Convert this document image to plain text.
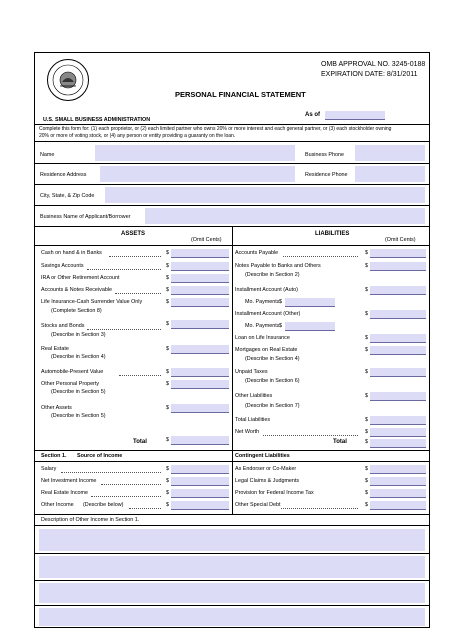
OMB APPROVAL NO. 3245-0188
EXPIRATION DATE: 8/31/2011
PERSONAL FINANCIAL STATEMENT
As of
U.S. SMALL BUSINESS ADMINISTRATION
Complete this form for: (1) each proprietor, or (2) each limited partner who owns 20% or more interest and each general partner, or (3) each stockholder owning
20% or more of voting stock, or (4) any person or entity providing a guaranty on the loan.
Name	Business Phone
Residence Address	Residence Phone
City, State, & Zip Code
Business Name of Applicant/Borrower
ASSETS
(Omit Cents)
LIABILITIES
(Omit Cents)
Cash on hand & in Banks	$
Savings Accounts	$
IRA or Other Retirement Account	$
Accounts & Notes Receivable	$
Life Insurance-Cash Surrender Value Only	$
(Complete Section 8)
Stocks and Bonds	$
(Describe in Section 3)
Real Estate	$
(Describe in Section 4)
Automobile-Present Value	$
Other Personal Property	$
(Describe in Section 5)
Other Assets	$
(Describe in Section 5)
Total	$
Accounts Payable	$
Notes Payable to Banks and Others	$
(Describe in Section 2)
Installment Account (Auto)	$
Mo. Payments $
Installment Account (Other)	$
Mo. Payments $
Loan on Life Insurance	$
Mortgages on Real Estate	$
(Describe in Section 4)
Unpaid Taxes	$
(Describe in Section 6)
Other Liabilities	$
(Describe in Section 7)
Total Liabilities	$
Net Worth	$
Total	$
Section 1. Source of Income	Contingent Liabilities
Salary	$
Net Investment Income	$
Real Estate Income	$
Other Income (Describe below)	$
As Endorser or Co-Maker	$
Legal Claims & Judgments	$
Provision for Federal Income Tax	$
Other Special Debt	$
Description of Other Income in Section 1.
